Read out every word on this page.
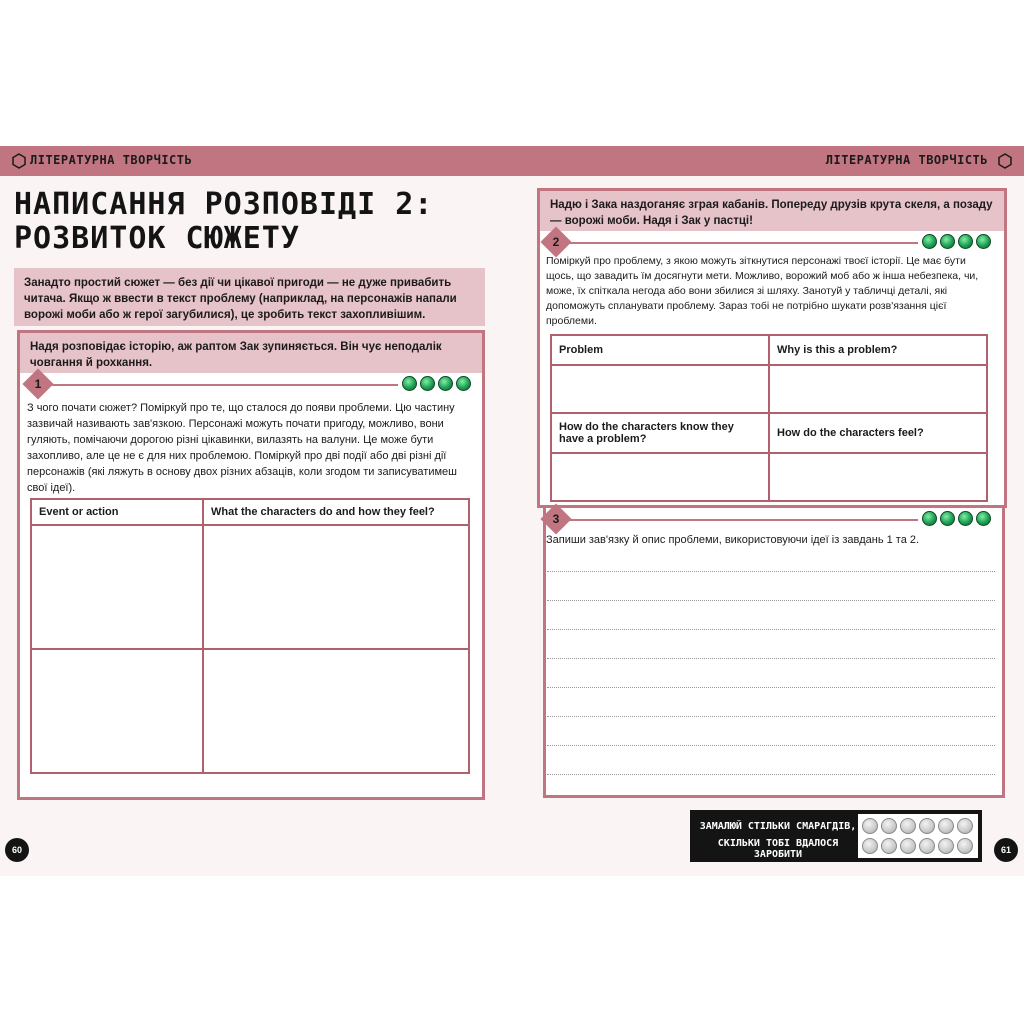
ЛІТЕРАТУРНА ТВОРЧІСТЬ	ЛІТЕРАТУРНА ТВОРЧІСТЬ
НАПИСАННЯ РОЗПОВІДІ 2:
РОЗВИТОК СЮЖЕТУ
Занадто простий сюжет — без дії чи цікавої пригоди — не дуже привабить читача. Якщо ж ввести в текст проблему (наприклад, на персонажів напали ворожі моби або ж герої загубилися), це зробить текст захопливішим.
Надя розповідає історію, аж раптом Зак зупиняється. Він чує неподалік човгання й рохкання.
1
З чого почати сюжет? Поміркуй про те, що сталося до появи проблеми. Цю частину зазвичай називають зав'язкою. Персонажі можуть почати пригоду, можливо, вони гуляють, помічаючи дорогою різні цікавинки, вилазять на валуни. Це може бути захопливо, але це не є для них проблемою. Поміркуй про дві події або дві різні дії персонажів (які ляжуть в основу двох різних абзаців, коли згодом ти записуватимеш свої ідеї).
Event or action	What the characters do and how they feel?

60
Надю і Зака наздоганяє зграя кабанів. Попереду друзів крута скеля, а позаду — ворожі моби. Надя і Зак у пастці!
2
Поміркуй про проблему, з якою можуть зіткнутися персонажі твоєї історії. Це має бути щось, що завадить їм досягнути мети. Можливо, ворожий моб або ж інша небезпека, чи, може, їх спіткала негода або вони збилися зі шляху. Занотуй у табличці деталі, які допоможуть спланувати проблему. Зараз тобі не потрібно шукати розв'язання цієї проблеми.
Problem	Why is this a problem?

How do the characters know they have a problem?	How do the characters feel?

3
Запиши зав'язку й опис проблеми, використовуючи ідеї із завдань 1 та 2.
ЗАМАЛЮЙ СТІЛЬКИ СМАРАГДІВ,
СКІЛЬКИ ТОБІ ВДАЛОСЯ ЗАРОБИТИ	61
